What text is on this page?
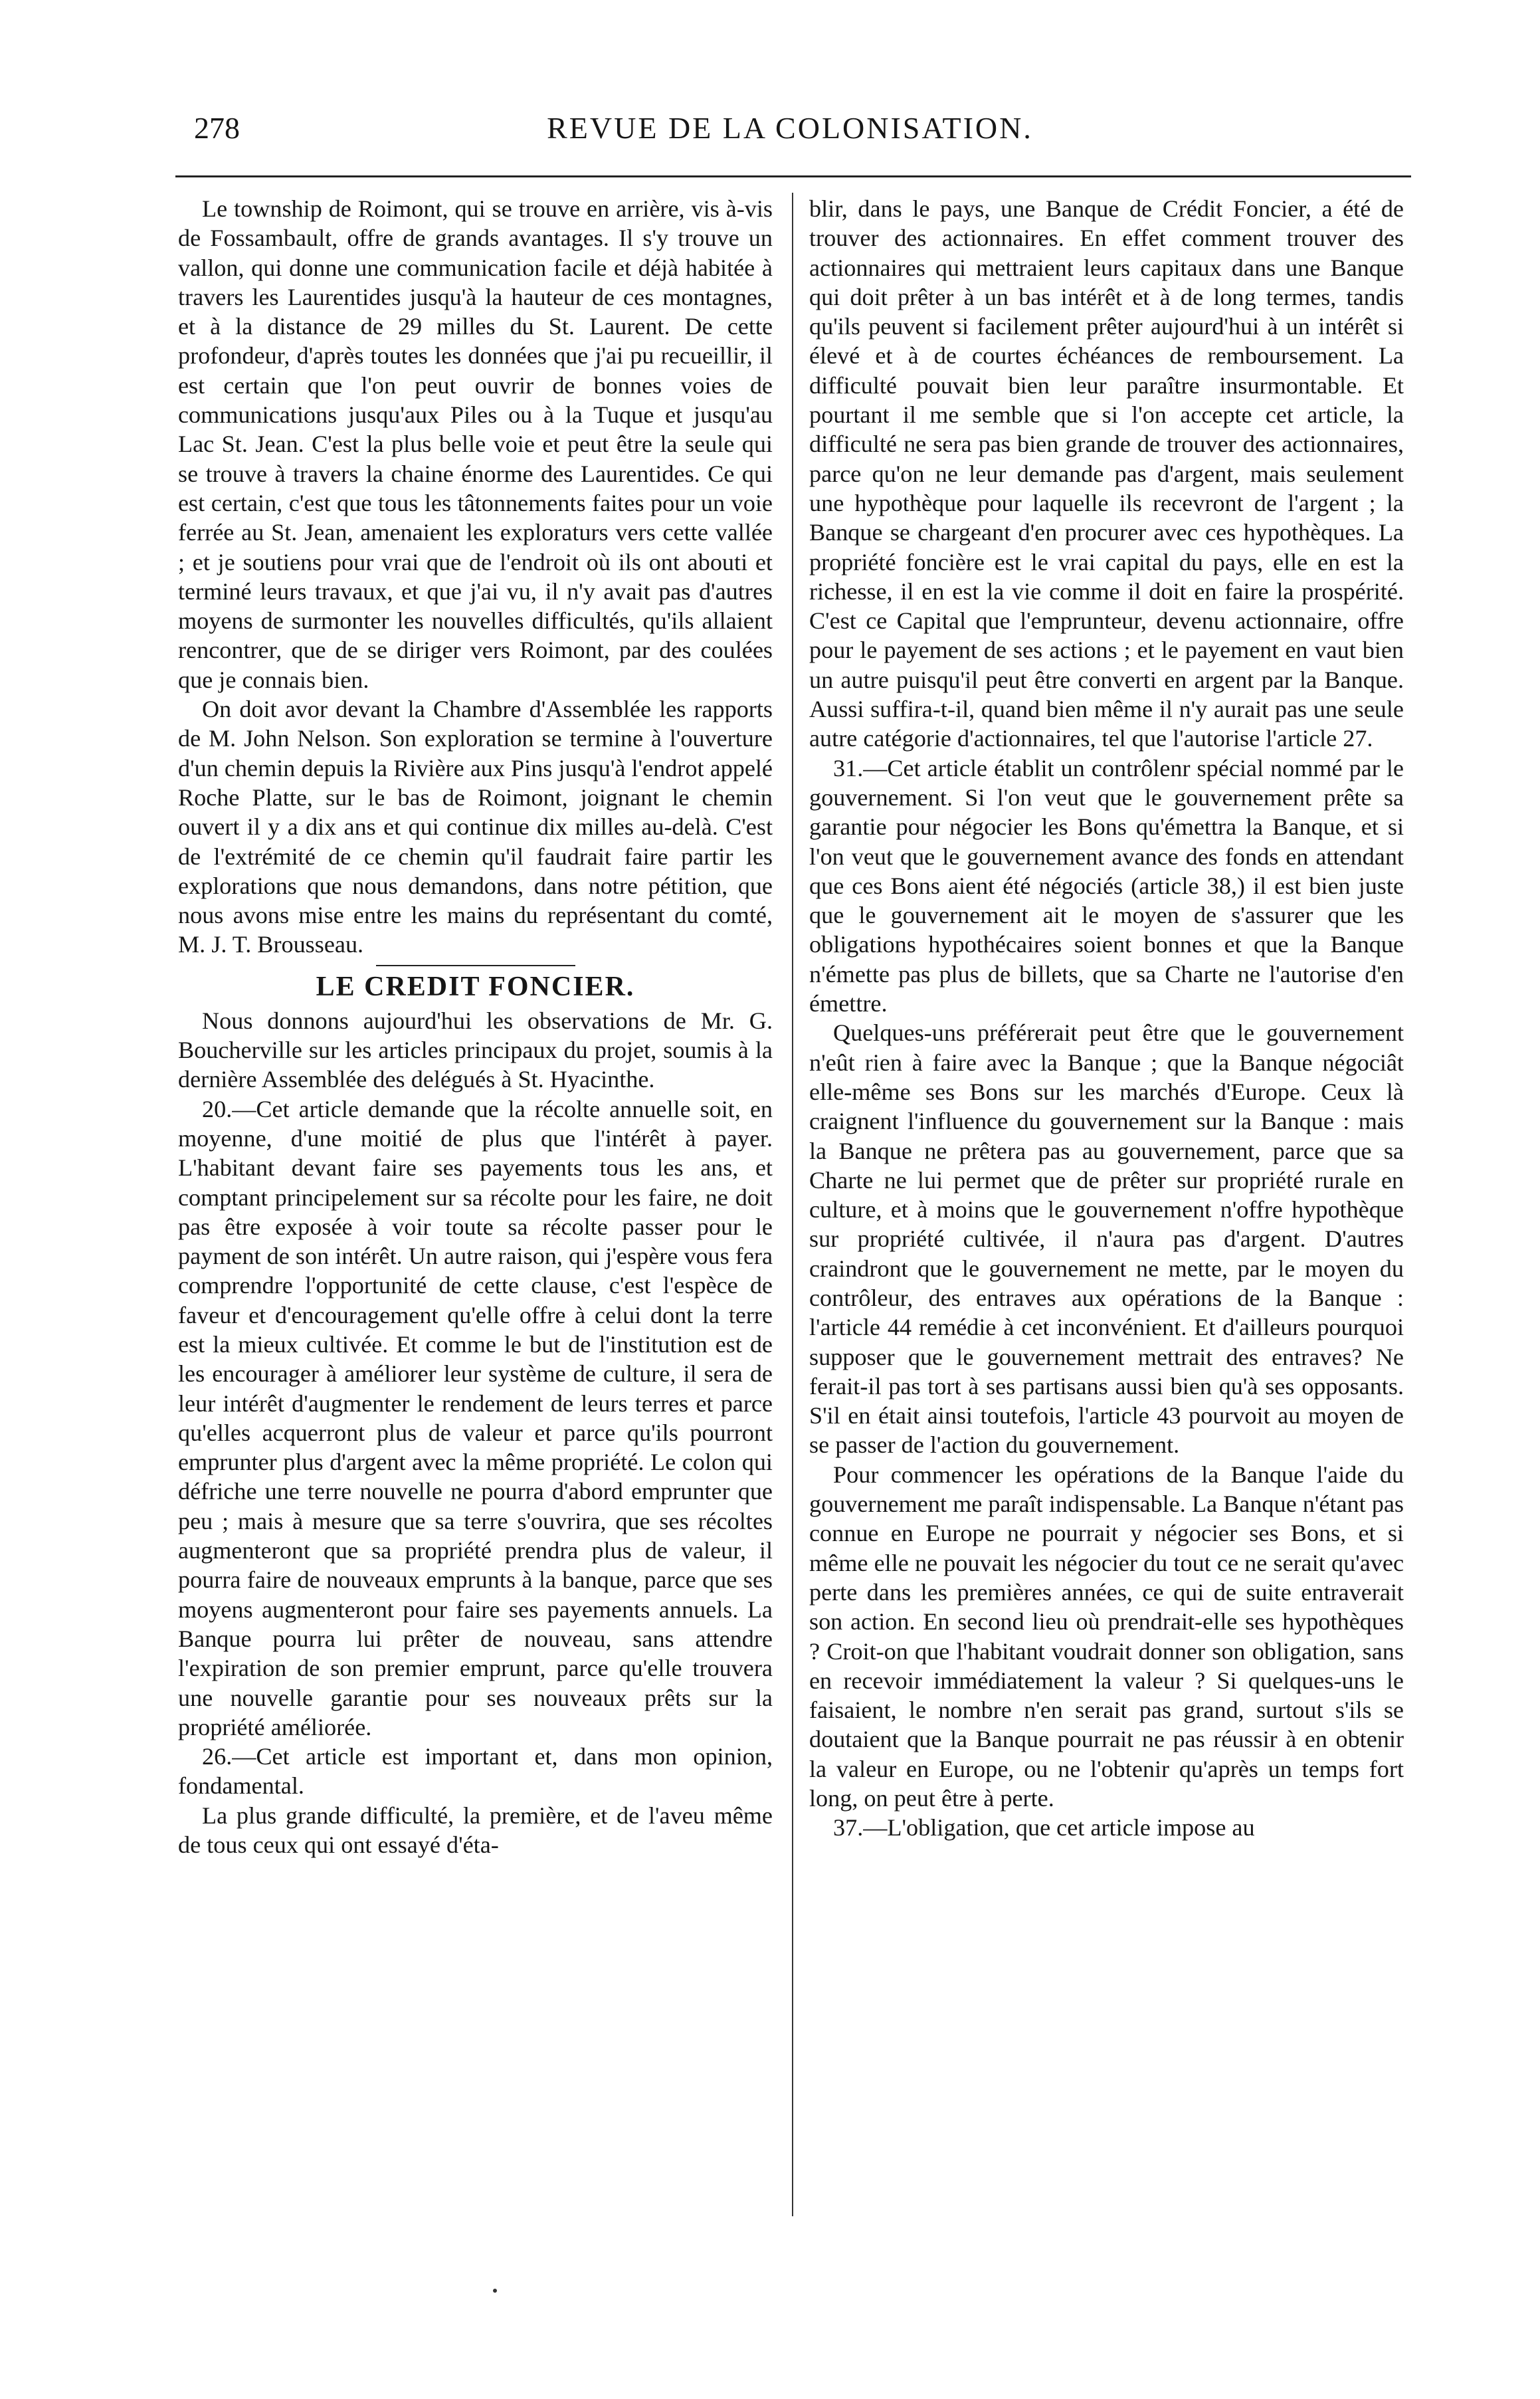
278	REVUE DE LA COLONISATION.

Le township de Roimont, qui se trouve en arrière, vis à-vis de Fossambault, offre de grands avantages. Il s'y trouve un vallon, qui donne une communication facile et déjà habitée à travers les Laurentides jusqu'à la hauteur de ces montagnes, et à la distance de 29 milles du St. Laurent. De cette profondeur, d'après toutes les données que j'ai pu recueillir, il est certain que l'on peut ouvrir de bonnes voies de communications jusqu'aux Piles ou à la Tuque et jusqu'au Lac St. Jean. C'est la plus belle voie et peut être la seule qui se trouve à travers la chaine énorme des Laurentides. Ce qui est certain, c'est que tous les tâtonnements faites pour un voie ferrée au St. Jean, amenaient les exploraturs vers cette vallée ; et je soutiens pour vrai que de l'endroit où ils ont abouti et terminé leurs travaux, et que j'ai vu, il n'y avait pas d'autres moyens de surmonter les nouvelles difficultés, qu'ils allaient rencontrer, que de se diriger vers Roimont, par des coulées que je connais bien.

On doit avor devant la Chambre d'Assemblée les rapports de M. John Nelson. Son exploration se termine à l'ouverture d'un chemin depuis la Rivière aux Pins jusqu'à l'endrot appelé Roche Platte, sur le bas de Roimont, joignant le chemin ouvert il y a dix ans et qui continue dix milles au-delà. C'est de l'extrémité de ce chemin qu'il faudrait faire partir les explorations que nous demandons, dans notre pétition, que nous avons mise entre les mains du représentant du comté, M. J. T. Brousseau.

LE CREDIT FONCIER.

Nous donnons aujourd'hui les observations de Mr. G. Boucherville sur les articles principaux du projet, soumis à la dernière Assemblée des delégués à St. Hyacinthe.

20.—Cet article demande que la récolte annuelle soit, en moyenne, d'une moitié de plus que l'intérêt à payer. L'habitant devant faire ses payements tous les ans, et comptant principelement sur sa récolte pour les faire, ne doit pas être exposée à voir toute sa récolte passer pour le payment de son intérêt. Un autre raison, qui j'espère vous fera comprendre l'opportunité de cette clause, c'est l'espèce de faveur et d'encouragement qu'elle offre à celui dont la terre est la mieux cultivée. Et comme le but de l'institution est de les encourager à améliorer leur système de culture, il sera de leur intérêt d'augmenter le rendement de leurs terres et parce qu'elles acquerront plus de valeur et parce qu'ils pourront emprunter plus d'argent avec la même propriété. Le colon qui défriche une terre nouvelle ne pourra d'abord emprunter que peu ; mais à mesure que sa terre s'ouvrira, que ses récoltes augmenteront que sa propriété prendra plus de valeur, il pourra faire de nouveaux emprunts à la banque, parce que ses moyens augmenteront pour faire ses payements annuels. La Banque pourra lui prêter de nouveau, sans attendre l'expiration de son premier emprunt, parce qu'elle trouvera une nouvelle garantie pour ses nouveaux prêts sur la propriété améliorée.

26.—Cet article est important et, dans mon opinion, fondamental.

La plus grande difficulté, la première, et de l'aveu même de tous ceux qui ont essayé d'éta-

blir, dans le pays, une Banque de Crédit Foncier, a été de trouver des actionnaires. En effet comment trouver des actionnaires qui mettraient leurs capitaux dans une Banque qui doit prêter à un bas intérêt et à de long termes, tandis qu'ils peuvent si facilement prêter aujourd'hui à un intérêt si élevé et à de courtes échéances de remboursement. La difficulté pouvait bien leur paraître insurmontable. Et pourtant il me semble que si l'on accepte cet article, la difficulté ne sera pas bien grande de trouver des actionnaires, parce qu'on ne leur demande pas d'argent, mais seulement une hypothèque pour laquelle ils recevront de l'argent ; la Banque se chargeant d'en procurer avec ces hypothèques. La propriété foncière est le vrai capital du pays, elle en est la richesse, il en est la vie comme il doit en faire la prospérité. C'est ce Capital que l'emprunteur, devenu actionnaire, offre pour le payement de ses actions ; et le payement en vaut bien un autre puisqu'il peut être converti en argent par la Banque. Aussi suffira-t-il, quand bien même il n'y aurait pas une seule autre catégorie d'actionnaires, tel que l'autorise l'article 27.

31.—Cet article établit un contrôlenr spécial nommé par le gouvernement. Si l'on veut que le gouvernement prête sa garantie pour négocier les Bons qu'émettra la Banque, et si l'on veut que le gouvernement avance des fonds en attendant que ces Bons aient été négociés (article 38,) il est bien juste que le gouvernement ait le moyen de s'assurer que les obligations hypothécaires soient bonnes et que la Banque n'émette pas plus de billets, que sa Charte ne l'autorise d'en émettre.

Quelques-uns préférerait peut être que le gouvernement n'eût rien à faire avec la Banque ; que la Banque négociât elle-même ses Bons sur les marchés d'Europe. Ceux là craignent l'influence du gouvernement sur la Banque : mais la Banque ne prêtera pas au gouvernement, parce que sa Charte ne lui permet que de prêter sur propriété rurale en culture, et à moins que le gouvernement n'offre hypothèque sur propriété cultivée, il n'aura pas d'argent. D'autres craindront que le gouvernement ne mette, par le moyen du contrôleur, des entraves aux opérations de la Banque : l'article 44 remédie à cet inconvénient. Et d'ailleurs pourquoi supposer que le gouvernement mettrait des entraves? Ne ferait-il pas tort à ses partisans aussi bien qu'à ses opposants. S'il en était ainsi toutefois, l'article 43 pourvoit au moyen de se passer de l'action du gouvernement.

Pour commencer les opérations de la Banque l'aide du gouvernement me paraît indispensable. La Banque n'étant pas connue en Europe ne pourrait y négocier ses Bons, et si même elle ne pouvait les négocier du tout ce ne serait qu'avec perte dans les premières années, ce qui de suite entraverait son action. En second lieu où prendrait-elle ses hypothèques ? Croit-on que l'habitant voudrait donner son obligation, sans en recevoir immédiatement la valeur ? Si quelques-uns le faisaient, le nombre n'en serait pas grand, surtout s'ils se doutaient que la Banque pourrait ne pas réussir à en obtenir la valeur en Europe, ou ne l'obtenir qu'après un temps fort long, on peut être à perte.

37.—L'obligation, que cet article impose au
